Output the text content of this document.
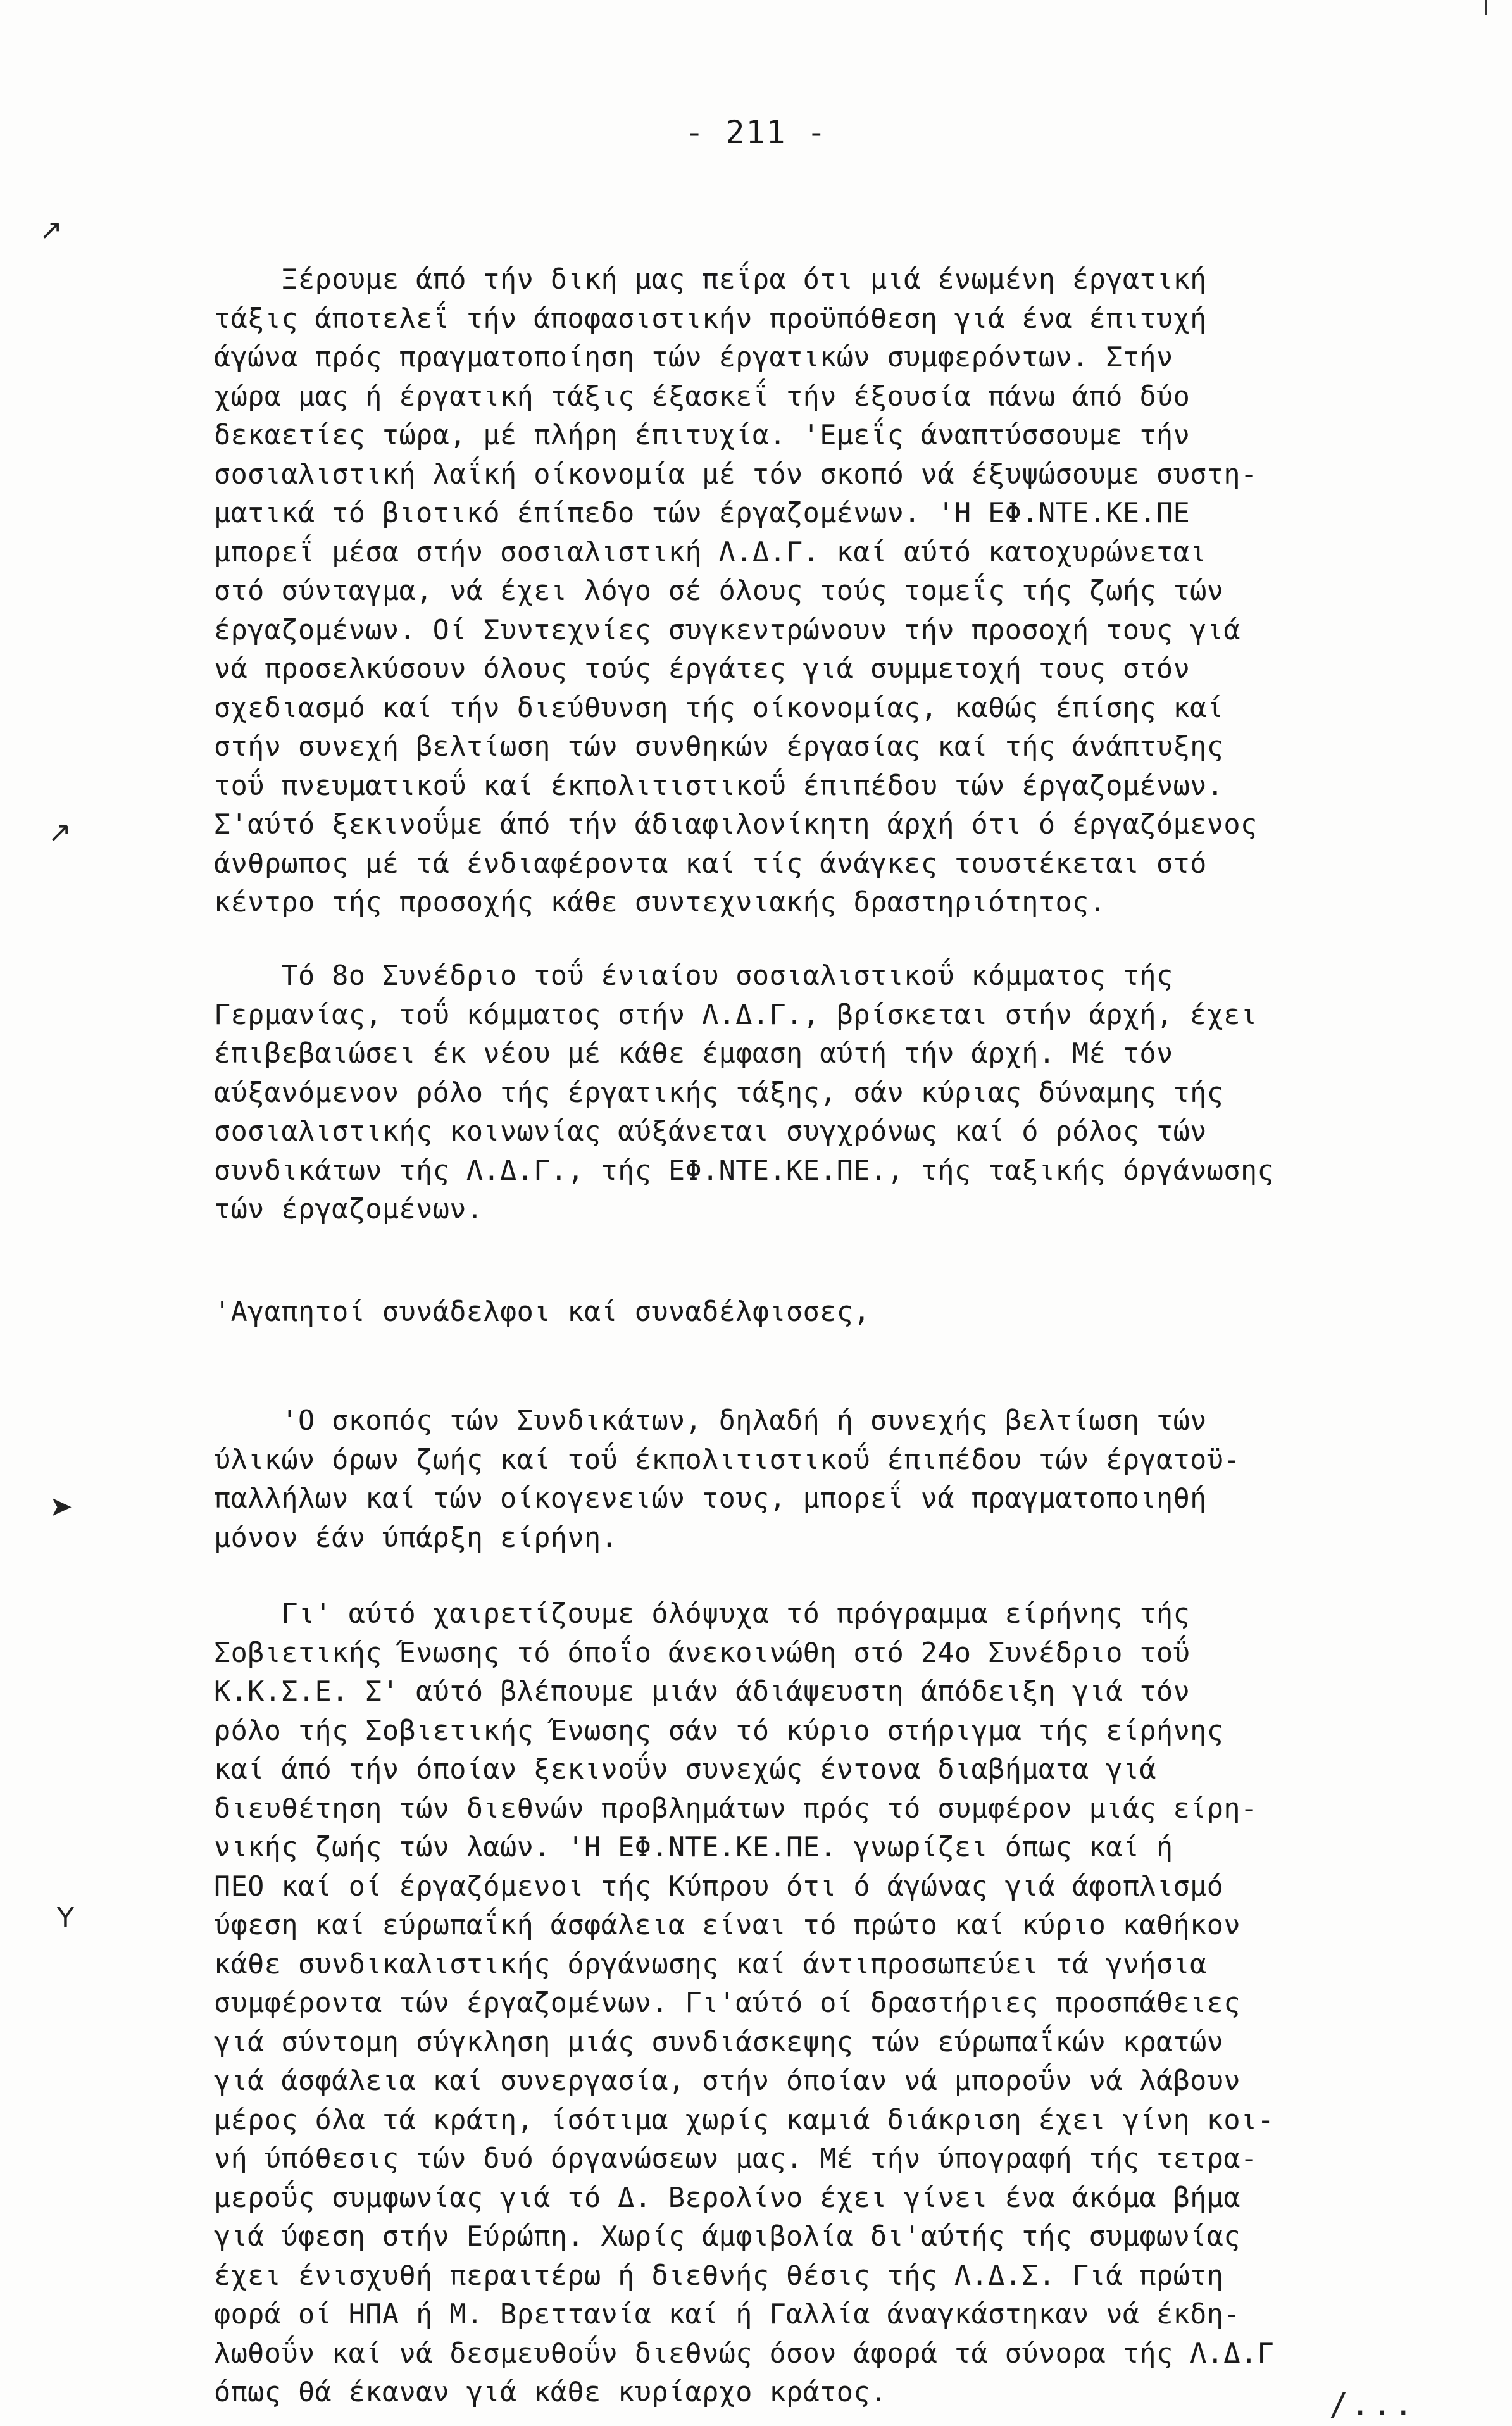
- 211 -
↗
↗
➤
Y
Ξέρουμε άπό τήν δική μας πεΐρα ότι μιά ένωμένη έργατική
τάξις άποτελεΐ τήν άποφασιστικήν προϋπόθεση γιά ένα έπιτυχή
άγώνα πρός πραγματοποίηση τών έργατικών συμφερόντων. Στήν
χώρα μας ή έργατική τάξις έξασκεΐ τήν έξουσία πάνω άπό δύο
δεκαετίες τώρα, μέ πλήρη έπιτυχία. 'Εμεΐς άναπτύσσουμε τήν
σοσιαλιστική λαΐκή οίκονομία μέ τόν σκοπό νά έξυψώσουμε συστη-
ματικά τό βιοτικό έπίπεδο τών έργαζομένων. 'Η ΕΦ.ΝΤΕ.ΚΕ.ΠΕ
μπορεΐ μέσα στήν σοσιαλιστική Λ.Δ.Γ. καί αύτό κατοχυρώνεται
στό σύνταγμα, νά έχει λόγο σέ όλους τούς τομεΐς τής ζωής τών
έργαζομένων. Οί Συντεχνίες συγκεντρώνουν τήν προσοχή τους γιά
νά προσελκύσουν όλους τούς έργάτες γιά συμμετοχή τους στόν
σχεδιασμό καί τήν διεύθυνση τής οίκονομίας, καθώς έπίσης καί
στήν συνεχή βελτίωση τών συνθηκών έργασίας καί τής άνάπτυξης
τοΰ πνευματικοΰ καί έκπολιτιστικοΰ έπιπέδου τών έργαζομένων.
Σ'αύτό ξεκινοΰμε άπό τήν άδιαφιλονίκητη άρχή ότι ό έργαζόμενος
άνθρωπος μέ τά ένδιαφέροντα καί τίς άνάγκες τουστέκεται στό
κέντρο τής προσοχής κάθε συντεχνιακής δραστηριότητος.
Τό 8ο Συνέδριο τοΰ ένιαίου σοσιαλιστικοΰ κόμματος τής
Γερμανίας, τοΰ κόμματος στήν Λ.Δ.Γ., βρίσκεται στήν άρχή, έχει
έπιβεβαιώσει έκ νέου μέ κάθε έμφαση αύτή τήν άρχή. Μέ τόν
αύξανόμενον ρόλο τής έργατικής τάξης, σάν κύριας δύναμης τής
σοσιαλιστικής κοινωνίας αύξάνεται συγχρόνως καί ό ρόλος τών
συνδικάτων τής Λ.Δ.Γ., τής ΕΦ.ΝΤΕ.ΚΕ.ΠΕ., τής ταξικής όργάνωσης
τών έργαζομένων.
'Αγαπητοί συνάδελφοι καί συναδέλφισσες,
'Ο σκοπός τών Συνδικάτων, δηλαδή ή συνεχής βελτίωση τών
ύλικών όρων ζωής καί τοΰ έκπολιτιστικοΰ έπιπέδου τών έργατοϋ-
παλλήλων καί τών οίκογενειών τους, μπορεΐ νά πραγματοποιηθή
μόνον έάν ύπάρξη είρήνη.
Γι' αύτό χαιρετίζουμε όλόψυχα τό πρόγραμμα είρήνης τής
Σοβιετικής Ένωσης τό όποΐο άνεκοινώθη στό 24ο Συνέδριο τοΰ
Κ.Κ.Σ.Ε. Σ' αύτό βλέπουμε μιάν άδιάψευστη άπόδειξη γιά τόν
ρόλο τής Σοβιετικής Ένωσης σάν τό κύριο στήριγμα τής είρήνης
καί άπό τήν όποίαν ξεκινοΰν συνεχώς έντονα διαβήματα γιά
διευθέτηση τών διεθνών προβλημάτων πρός τό συμφέρον μιάς είρη-
νικής ζωής τών λαών. 'Η ΕΦ.ΝΤΕ.ΚΕ.ΠΕ. γνωρίζει όπως καί ή
ΠΕΟ καί οί έργαζόμενοι τής Κύπρου ότι ό άγώνας γιά άφοπλισμό
ύφεση καί εύρωπαΐκή άσφάλεια είναι τό πρώτο καί κύριο καθήκον
κάθε συνδικαλιστικής όργάνωσης καί άντιπροσωπεύει τά γνήσια
συμφέροντα τών έργαζομένων. Γι'αύτό οί δραστήριες προσπάθειες
γιά σύντομη σύγκληση μιάς συνδιάσκεψης τών εύρωπαΐκών κρατών
γιά άσφάλεια καί συνεργασία, στήν όποίαν νά μποροΰν νά λάβουν
μέρος όλα τά κράτη, ίσότιμα χωρίς καμιά διάκριση έχει γίνη κοι-
νή ύπόθεσις τών δυό όργανώσεων μας. Μέ τήν ύπογραφή τής τετρα-
μεροΰς συμφωνίας γιά τό Δ. Βερολίνο έχει γίνει ένα άκόμα βήμα
γιά ύφεση στήν Εύρώπη. Χωρίς άμφιβολία δι'αύτής τής συμφωνίας
έχει ένισχυθή περαιτέρω ή διεθνής θέσις τής Λ.Δ.Σ. Γιά πρώτη
φορά οί ΗΠΑ ή Μ. Βρεττανία καί ή Γαλλία άναγκάστηκαν νά έκδη-
λωθοΰν καί νά δεσμευθοΰν διεθνώς όσον άφορά τά σύνορα τής Λ.Δ.Γ
όπως θά έκαναν γιά κάθε κυρίαρχο κράτος.	/...
